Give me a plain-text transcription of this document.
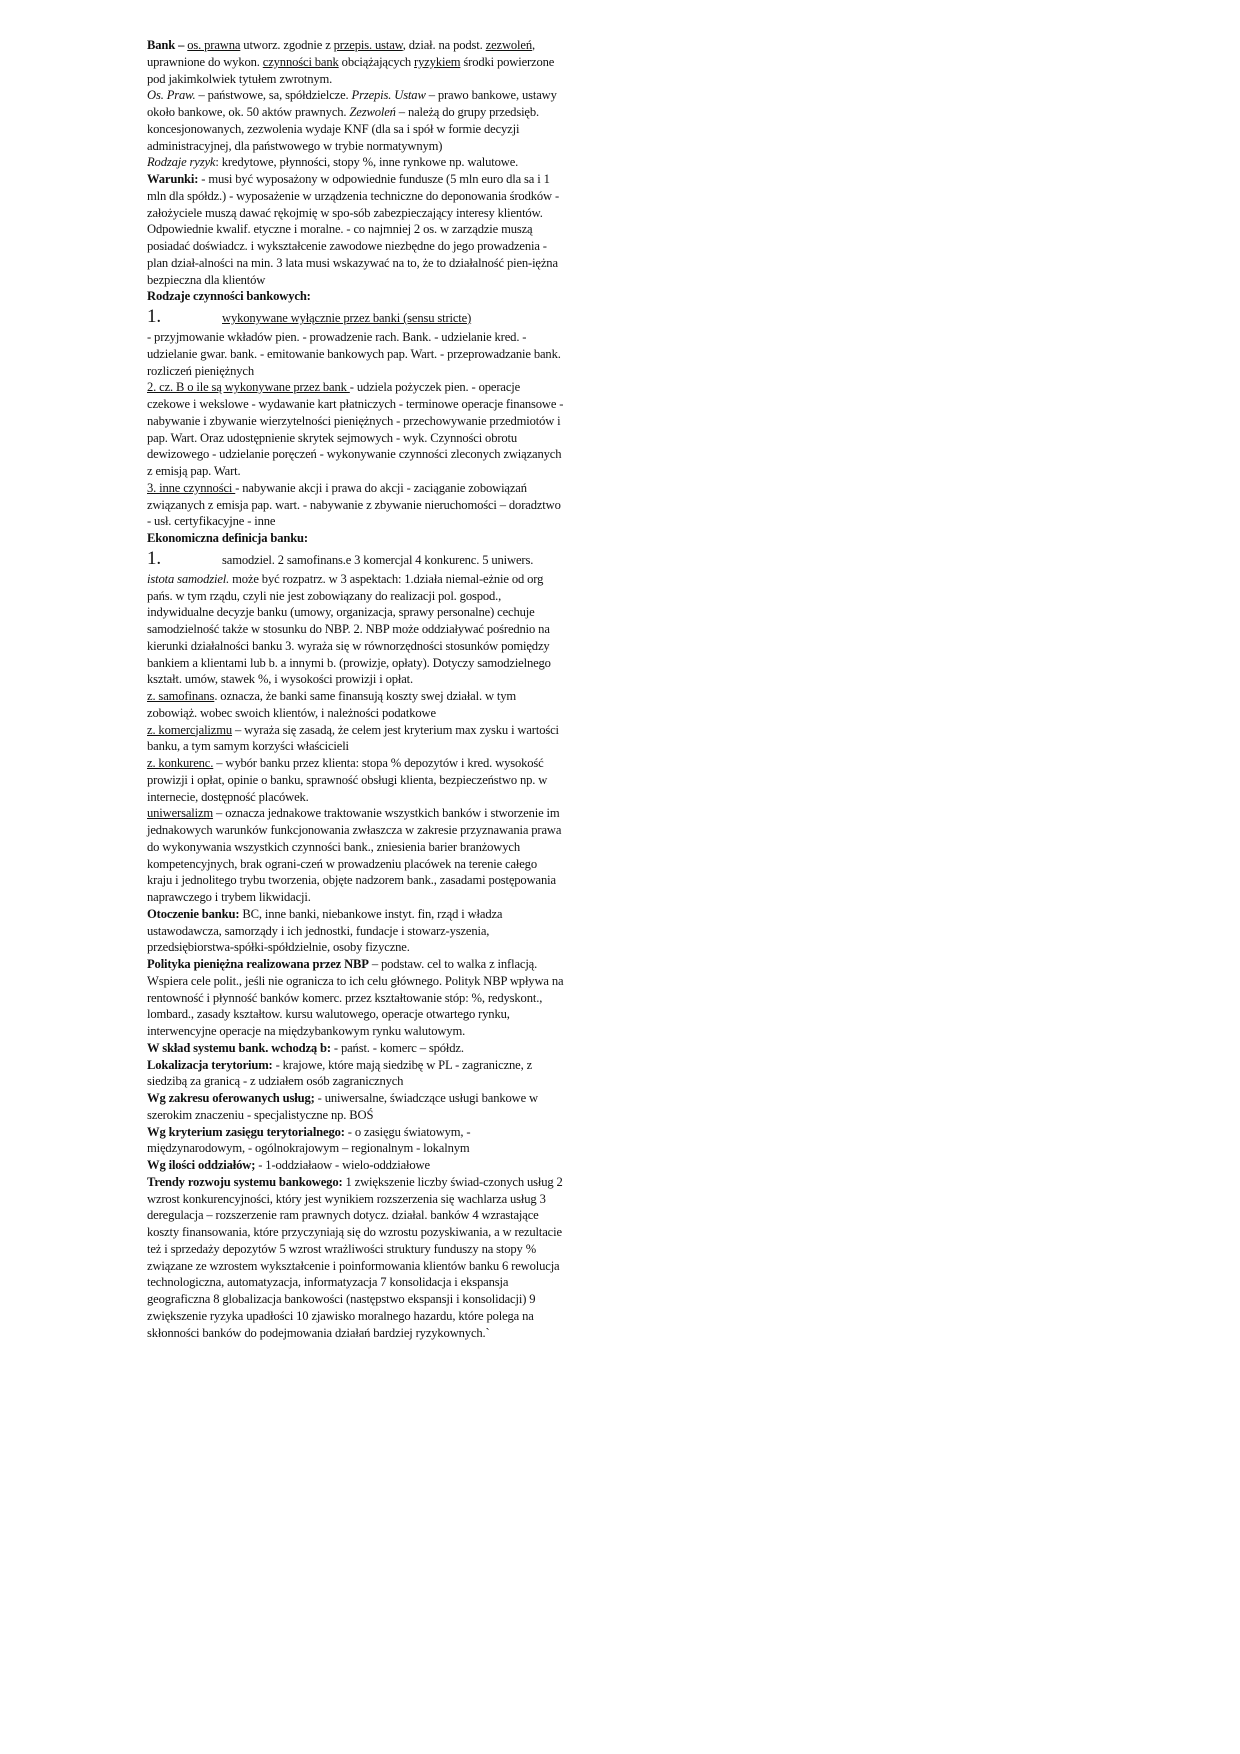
Bank – os. prawna utworz. zgodnie z przepis. ustaw, dział. na podst. zezwoleń, uprawnione do wykon. czynności bank obciążających ryzykiem środki powierzone pod jakimkolwiek tytułem zwrotnym.

Os. Praw. – państwowe, sa, spółdzielcze. Przepis. Ustaw – prawo bankowe, ustawy około bankowe, ok. 50 aktów prawnych. Zezwoleń – należą do grupy przedsięb. koncesjonowanych, zezwolenia wydaje KNF (dla sa i spół w formie decyzji administracyjnej, dla państwowego w trybie normatywnym)

Rodzaje ryzyk: kredytowe, płynności, stopy %, inne rynkowe np. walutowe.

Warunki: - musi być wyposażony w odpowiednie fundusze (5 mln euro dla sa i 1 mln dla spółdz.) - wyposażenie w urządzenia techniczne do deponowania środków - założyciele muszą dawać rękojmię w spo-sób zabezpieczający interesy klientów. Odpowiednie kwalif. etyczne i moralne. - co najmniej 2 os. w zarządzie muszą posiadać doświadcz. i wykształcenie zawodowe niezbędne do jego prowadzenia - plan dział-alności na min. 3 lata musi wskazywać na to, że to działalność pien-iężna bezpieczna dla klientów

Rodzaje czynności bankowych:

1.	wykonywane wyłącznie przez banki (sensu stricte)

- przyjmowanie wkładów pien. - prowadzenie rach. Bank. - udzielanie kred. - udzielanie gwar. bank. - emitowanie bankowych pap. Wart. - przeprowadzanie bank. rozliczeń pieniężnych

2. cz. B o ile są wykonywane przez bank - udziela pożyczek pien. - operacje czekowe i wekslowe - wydawanie kart płatniczych - terminowe operacje finansowe - nabywanie i zbywanie wierzytelności pieniężnych - przechowywanie przedmiotów i pap. Wart. Oraz udostępnienie skrytek sejmowych - wyk. Czynności obrotu dewizowego - udzielanie poręczeń - wykonywanie czynności zleconych związanych z emisją pap. Wart.

3. inne czynności - nabywanie akcji i prawa do akcji - zaciąganie zobowiązań związanych z emisja pap. wart. - nabywanie z zbywanie nieruchomości – doradztwo - usł. certyfikacyjne - inne

Ekonomiczna definicja banku:

1.	samodziel. 2 samofinans.e 3 komercjal 4 konkurenc. 5 uniwers.

istota samodziel. może być rozpatrz. w 3 aspektach: 1.działa niemal-eżnie od org pańs. w tym rządu, czyli nie jest zobowiązany do realizacji pol. gospod., indywidualne decyzje banku (umowy, organizacja, sprawy personalne) cechuje samodzielność także w stosunku do NBP. 2. NBP może oddziaływać pośrednio na kierunki działalności banku 3. wyraża się w równorzędności stosunków pomiędzy bankiem a klientami lub b. a innymi b. (prowizje, opłaty). Dotyczy samodzielnego kształt. umów, stawek %, i wysokości prowizji i opłat.

z. samofinans. oznacza, że banki same finansują koszty swej działal. w tym zobowiąż. wobec swoich klientów, i należności podatkowe

z. komercjalizmu – wyraża się zasadą, że celem jest kryterium max zysku i wartości banku, a tym samym korzyści właścicieli

z. konkurenc. – wybór banku przez klienta: stopa % depozytów i kred. wysokość prowizji i opłat, opinie o banku, sprawność obsługi klienta, bezpieczeństwo np. w internecie, dostępność placówek.

uniwersalizm – oznacza jednakowe traktowanie wszystkich banków i stworzenie im jednakowych warunków funkcjonowania zwłaszcza w zakresie przyznawania prawa do wykonywania wszystkich czynności bank., zniesienia barier branżowych kompetencyjnych, brak ograni-czeń w prowadzeniu placówek na terenie całego kraju i jednolitego trybu tworzenia, objęte nadzorem bank., zasadami postępowania naprawczego i trybem likwidacji.

Otoczenie banku: BC, inne banki, niebankowe instyt. fin, rząd i władza ustawodawcza, samorządy i ich jednostki, fundacje i stowarz-yszenia, przedsiębiorstwa-spółki-spółdzielnie, osoby fizyczne.

Polityka pieniężna realizowana przez NBP – podstaw. cel to walka z inflacją. Wspiera cele polit., jeśli nie ogranicza to ich celu głównego. Polityk NBP wpływa na rentowność i płynność banków komerc. przez kształtowanie stóp: %, redyskont., lombard., zasady kształtow. kursu walutowego, operacje otwartego rynku, interwencyjne operacje na międzybankowym rynku walutowym.

W skład systemu bank. wchodzą b: - państ. - komerc – spółdz.

Lokalizacja terytorium: - krajowe, które mają siedzibę w PL - zagraniczne, z siedzibą za granicą - z udziałem osób zagranicznych

Wg zakresu oferowanych usług; - uniwersalne, świadczące usługi bankowe w szerokim znaczeniu - specjalistyczne np. BOŚ

Wg kryterium zasięgu terytorialnego: - o zasięgu światowym, - międzynarodowym, - ogólnokrajowym – regionalnym - lokalnym

Wg ilości oddziałów; - 1-oddziałaow - wielo-oddziałowe

Trendy rozwoju systemu bankowego: 1 zwiększenie liczby świad-czonych usług 2 wzrost konkurencyjności, który jest wynikiem rozszerzenia się wachlarza usług 3 deregulacja – rozszerzenie ram prawnych dotycz. działal. banków 4 wzrastające koszty finansowania, które przyczyniają się do wzrostu pozyskiwania, a w rezultacie też i sprzedaży depozytów 5 wzrost wrażliwości struktury funduszy na stopy % związane ze wzrostem wykształcenie i poinformowania klientów banku 6 rewolucja technologiczna, automatyzacja, informatyzacja 7 konsolidacja i ekspansja geograficzna 8 globalizacja bankowości (następstwo ekspansji i konsolidacji) 9 zwiększenie ryzyka upadłości 10 zjawisko moralnego hazardu, które polega na skłonności banków do podejmowania działań bardziej ryzykownych.`
